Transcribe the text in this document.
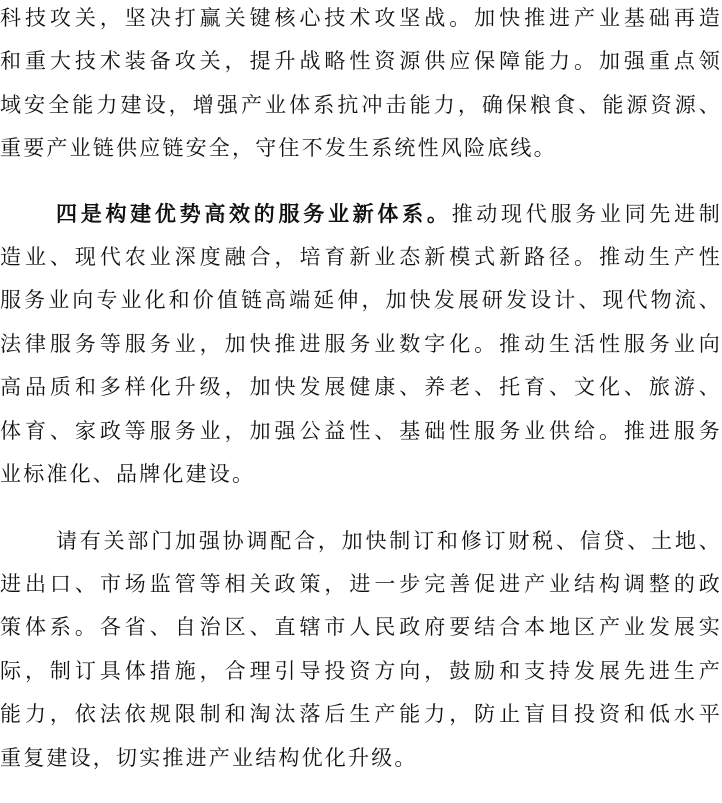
科技攻关，坚决打赢关键核心技术攻坚战。加快推进产业基础再造
和重大技术装备攻关，提升战略性资源供应保障能力。加强重点领
域安全能力建设，增强产业体系抗冲击能力，确保粮食、能源资源、
重要产业链供应链安全，守住不发生系统性风险底线。
四是构建优势高效的服务业新体系。推动现代服务业同先进制
造业、现代农业深度融合，培育新业态新模式新路径。推动生产性
服务业向专业化和价值链高端延伸，加快发展研发设计、现代物流、
法律服务等服务业，加快推进服务业数字化。推动生活性服务业向
高品质和多样化升级，加快发展健康、养老、托育、文化、旅游、
体育、家政等服务业，加强公益性、基础性服务业供给。推进服务
业标准化、品牌化建设。
请有关部门加强协调配合，加快制订和修订财税、信贷、土地、
进出口、市场监管等相关政策，进一步完善促进产业结构调整的政
策体系。各省、自治区、直辖市人民政府要结合本地区产业发展实
际，制订具体措施，合理引导投资方向，鼓励和支持发展先进生产
能力，依法依规限制和淘汰落后生产能力，防止盲目投资和低水平
重复建设，切实推进产业结构优化升级。
